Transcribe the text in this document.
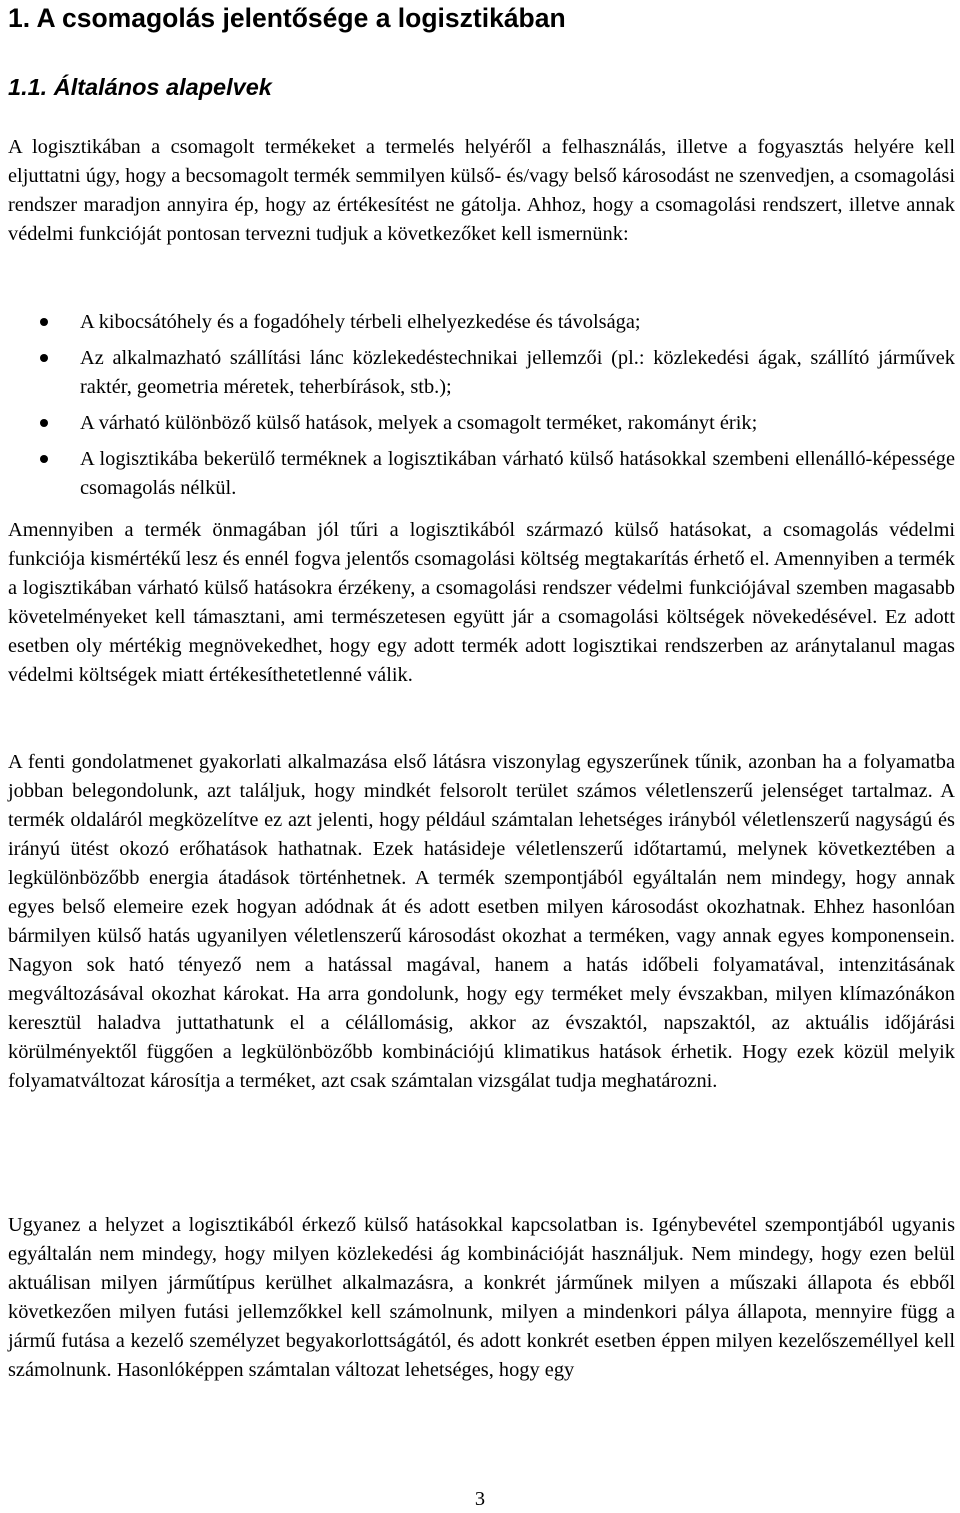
1. A csomagolás jelentősége a logisztikában
1.1. Általános alapelvek

A logisztikában a csomagolt termékeket a termelés helyéről a felhasználás, illetve a fogyasztás helyére kell eljuttatni úgy, hogy a becsomagolt termék semmilyen külső- és/vagy belső károsodást ne szenvedjen, a csomagolási rendszer maradjon annyira ép, hogy az értékesítést ne gátolja. Ahhoz, hogy a csomagolási rendszert, illetve annak védelmi funkcióját pontosan tervezni tudjuk a következőket kell ismernünk:

A kibocsátóhely és a fogadóhely térbeli elhelyezkedése és távolsága;
Az alkalmazható szállítási lánc közlekedéstechnikai jellemzői (pl.: közlekedési ágak, szállító járművek raktér, geometria méretek, teherbírások, stb.);
A várható különböző külső hatások, melyek a csomagolt terméket, rakományt érik;
A logisztikába bekerülő terméknek a logisztikában várható külső hatásokkal szembeni ellenálló-képessége csomagolás nélkül.

Amennyiben a termék önmagában jól tűri a logisztikából származó külső hatásokat, a csomagolás védelmi funkciója kismértékű lesz és ennél fogva jelentős csomagolási költség megtakarítás érhető el. Amennyiben a termék a logisztikában várható külső hatásokra érzékeny, a csomagolási rendszer védelmi funkciójával szemben magasabb követelményeket kell támasztani, ami természetesen együtt jár a csomagolási költségek növekedésével. Ez adott esetben oly mértékig megnövekedhet, hogy egy adott termék adott logisztikai rendszerben az aránytalanul magas védelmi költségek miatt értékesíthetetlenné válik.

A fenti gondolatmenet gyakorlati alkalmazása első látásra viszonylag egyszerűnek tűnik, azonban ha a folyamatba jobban belegondolunk, azt találjuk, hogy mindkét felsorolt terület számos véletlenszerű jelenséget tartalmaz. A termék oldaláról megközelítve ez azt jelenti, hogy például számtalan lehetséges irányból véletlenszerű nagyságú és irányú ütést okozó erőhatások hathatnak. Ezek hatásideje véletlenszerű időtartamú, melynek következtében a legkülönbözőbb energia átadások történhetnek. A termék szempontjából egyáltalán nem mindegy, hogy annak egyes belső elemeire ezek hogyan adódnak át és adott esetben milyen károsodást okozhatnak. Ehhez hasonlóan bármilyen külső hatás ugyanilyen véletlenszerű károsodást okozhat a terméken, vagy annak egyes komponensein. Nagyon sok ható tényező nem a hatással magával, hanem a hatás időbeli folyamatával, intenzitásának megváltozásával okozhat károkat. Ha arra gondolunk, hogy egy terméket mely évszakban, milyen klímazónákon keresztül haladva juttathatunk el a célállomásig, akkor az évszaktól, napszaktól, az aktuális időjárási körülményektől függően a legkülönbözőbb kombinációjú klimatikus hatások érhetik. Hogy ezek közül melyik folyamatváltozat károsítja a terméket, azt csak számtalan vizsgálat tudja meghatározni.

Ugyanez a helyzet a logisztikából érkező külső hatásokkal kapcsolatban is. Igénybevétel szempontjából ugyanis egyáltalán nem mindegy, hogy milyen közlekedési ág kombinációját használjuk. Nem mindegy, hogy ezen belül aktuálisan milyen járműtípus kerülhet alkalmazásra, a konkrét járműnek milyen a műszaki állapota és ebből következően milyen futási jellemzőkkel kell számolnunk, milyen a mindenkori pálya állapota, mennyire függ a jármű futása a kezelő személyzet begyakorlottságától, és adott konkrét esetben éppen milyen kezelőszeméllyel kell számolnunk. Hasonlóképpen számtalan változat lehetséges, hogy egy

3
